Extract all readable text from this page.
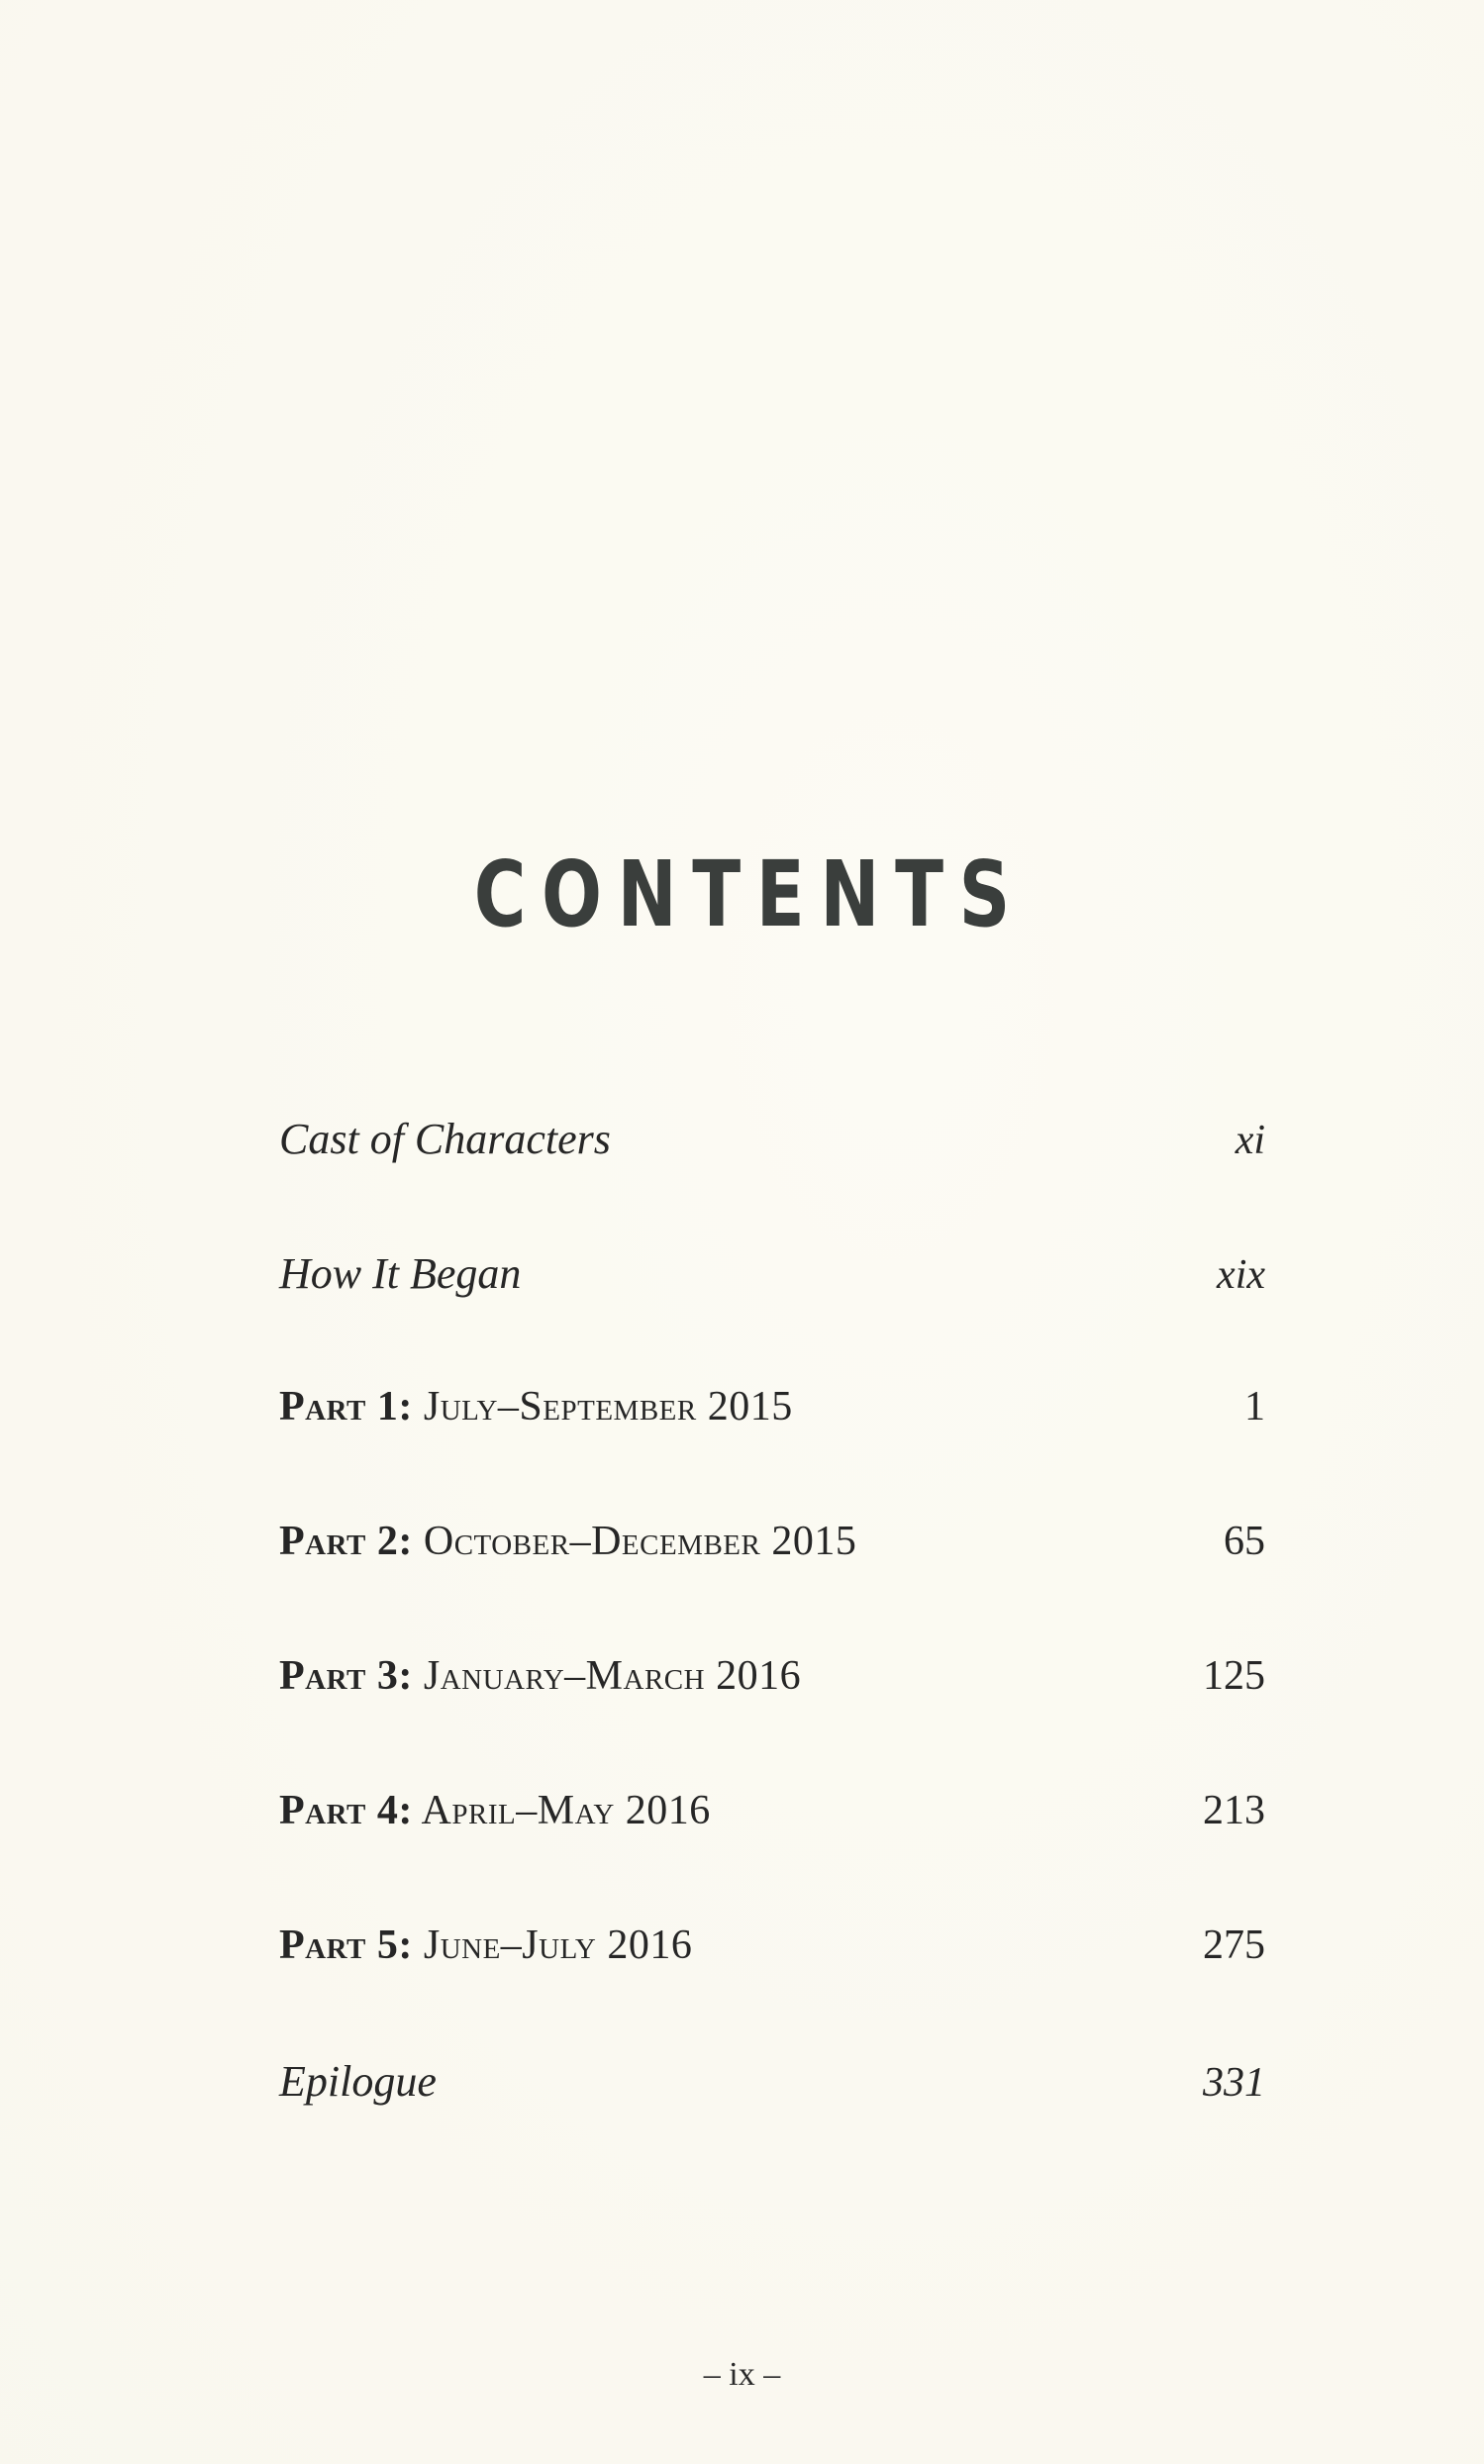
CONTENTS
Cast of Characters	xi
How It Began	xix
Part 1: July–September 2015	1
Part 2: October–December 2015	65
Part 3: January–March 2016	125
Part 4: April–May 2016	213
Part 5: June–July 2016	275
Epilogue	331
– ix –
